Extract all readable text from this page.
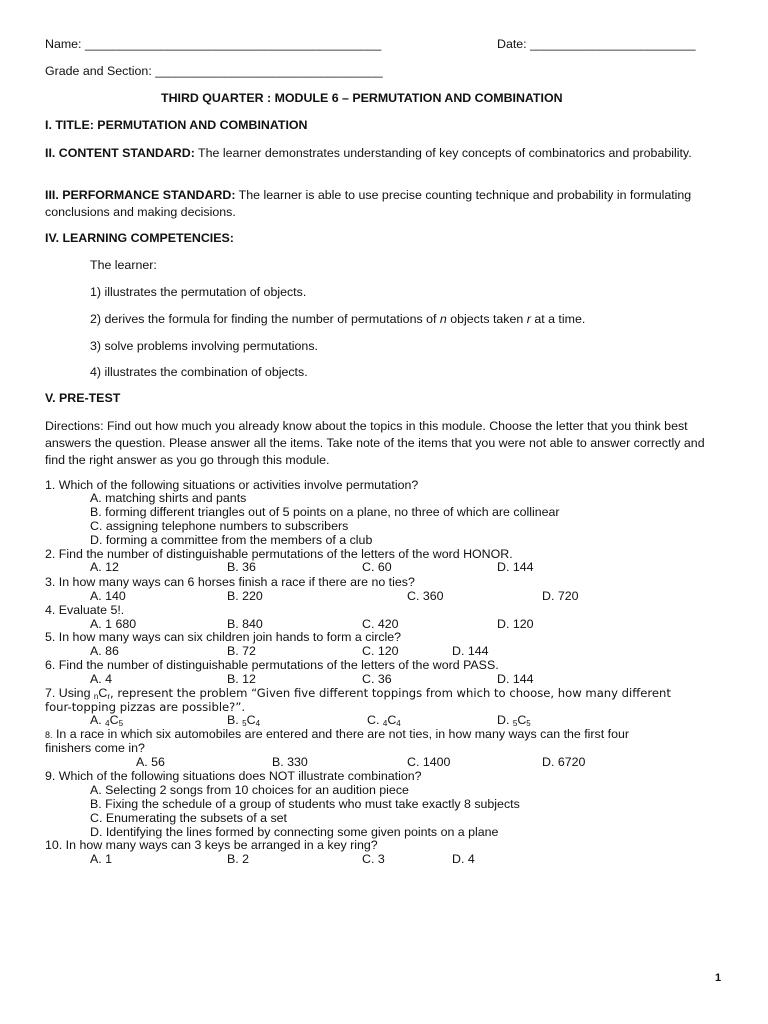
Name: ___________________________________________	Date: ________________________
Grade and Section: _________________________________
THIRD QUARTER : MODULE 6 – PERMUTATION AND COMBINATION
I. TITLE: PERMUTATION AND COMBINATION
II. CONTENT STANDARD: The learner demonstrates understanding of key concepts of combinatorics and probability.
III. PERFORMANCE STANDARD: The learner is able to use precise counting technique and probability in formulating conclusions and making decisions.
IV. LEARNING COMPETENCIES:
The learner:
1) illustrates the permutation of objects.
2) derives the formula for finding the number of permutations of n objects taken r at a time.
3) solve problems involving permutations.
4) illustrates the combination of objects.
V. PRE-TEST
Directions: Find out how much you already know about the topics in this module. Choose the letter that you think best answers the question. Please answer all the items. Take note of the items that you were not able to answer correctly and find the right answer as you go through this module.
1. Which of the following situations or activities involve permutation?
A. matching shirts and pants
B. forming different triangles out of 5 points on a plane, no three of which are collinear
C. assigning telephone numbers to subscribers
D. forming a committee from the members of a club
2. Find the number of distinguishable permutations of the letters of the word HONOR.
A. 12	B. 36	C. 60	D. 144
3. In how many ways can 6 horses finish a race if there are no ties?
A. 140	B. 220	C. 360	D. 720
4. Evaluate 5!.
A. 1 680	B. 840	C. 420	D. 120
5. In how many ways can six children join hands to form a circle?
A. 86	B. 72	C. 120	D. 144
6. Find the number of distinguishable permutations of the letters of the word PASS.
A. 4	B. 12	C. 36	D. 144
7. Using nCr, represent the problem “Given five different toppings from which to choose, how many different
four-topping pizzas are possible?”.
A. 4C5	B. 5C4	C. 4C4	D. 5C5
8. In a race in which six automobiles are entered and there are not ties, in how many ways can the first four
finishers come in?
A. 56	B. 330	C. 1400	D. 6720
9. Which of the following situations does NOT illustrate combination?
A. Selecting 2 songs from 10 choices for an audition piece
B. Fixing the schedule of a group of students who must take exactly 8 subjects
C. Enumerating the subsets of a set
D. Identifying the lines formed by connecting some given points on a plane
10. In how many ways can 3 keys be arranged in a key ring?
A. 1	B. 2	C. 3	D. 4
1
